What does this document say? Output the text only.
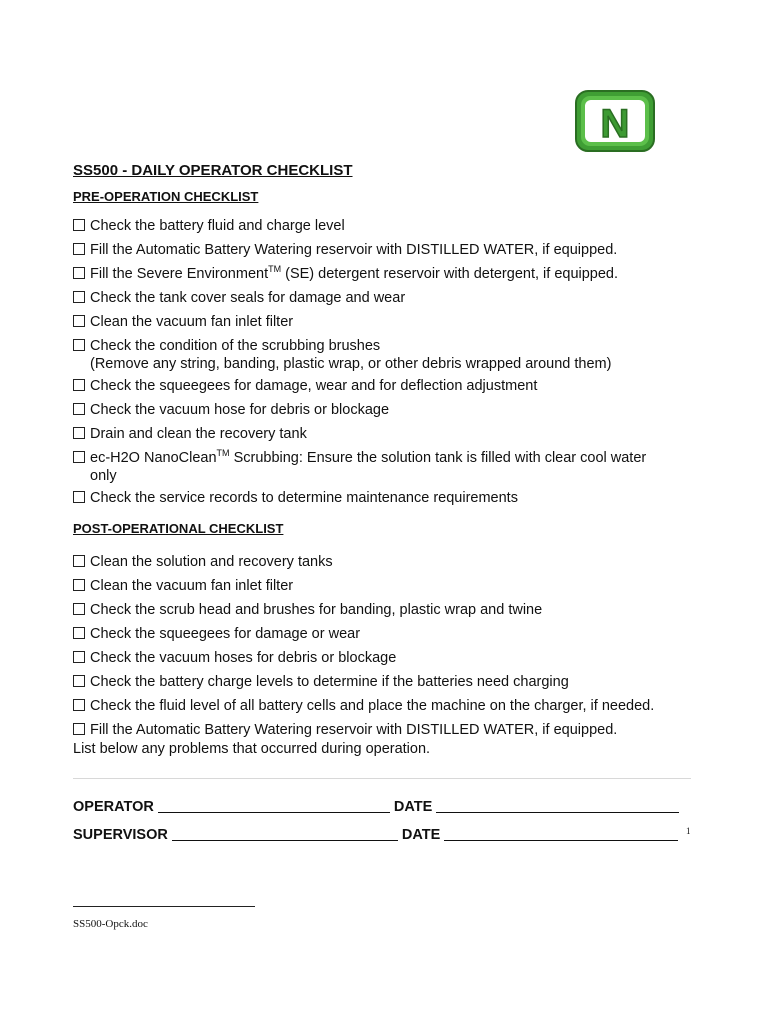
N
SS500 - DAILY OPERATOR CHECKLIST
PRE-OPERATION CHECKLIST
Check the battery fluid and charge level
Fill the Automatic Battery Watering reservoir with DISTILLED WATER, if equipped.
Fill the Severe Environment™ (SE) detergent reservoir with detergent, if equipped.
Check the tank cover seals for damage and wear
Clean the vacuum fan inlet filter
Check the condition of the scrubbing brushes
(Remove any string, banding, plastic wrap, or other debris wrapped around them)
Check the squeegees for damage, wear and for deflection adjustment
Check the vacuum hose for debris or blockage
Drain and clean the recovery tank
ec-H2O NanoClean™ Scrubbing: Ensure the solution tank is filled with clear cool water
only
Check the service records to determine maintenance requirements
POST-OPERATIONAL CHECKLIST
Clean the solution and recovery tanks
Clean the vacuum fan inlet filter
Check the scrub head and brushes for banding, plastic wrap and twine
Check the squeegees for damage or wear
Check the vacuum hoses for debris or blockage
Check the battery charge levels to determine if the batteries need charging
Check the fluid level of all battery cells and place the machine on the charger, if needed.
Fill the Automatic Battery Watering reservoir with DISTILLED WATER, if equipped.
List below any problems that occurred during operation.
OPERATOR	DATE
SUPERVISOR	DATE	1
SS500-Opck.doc
